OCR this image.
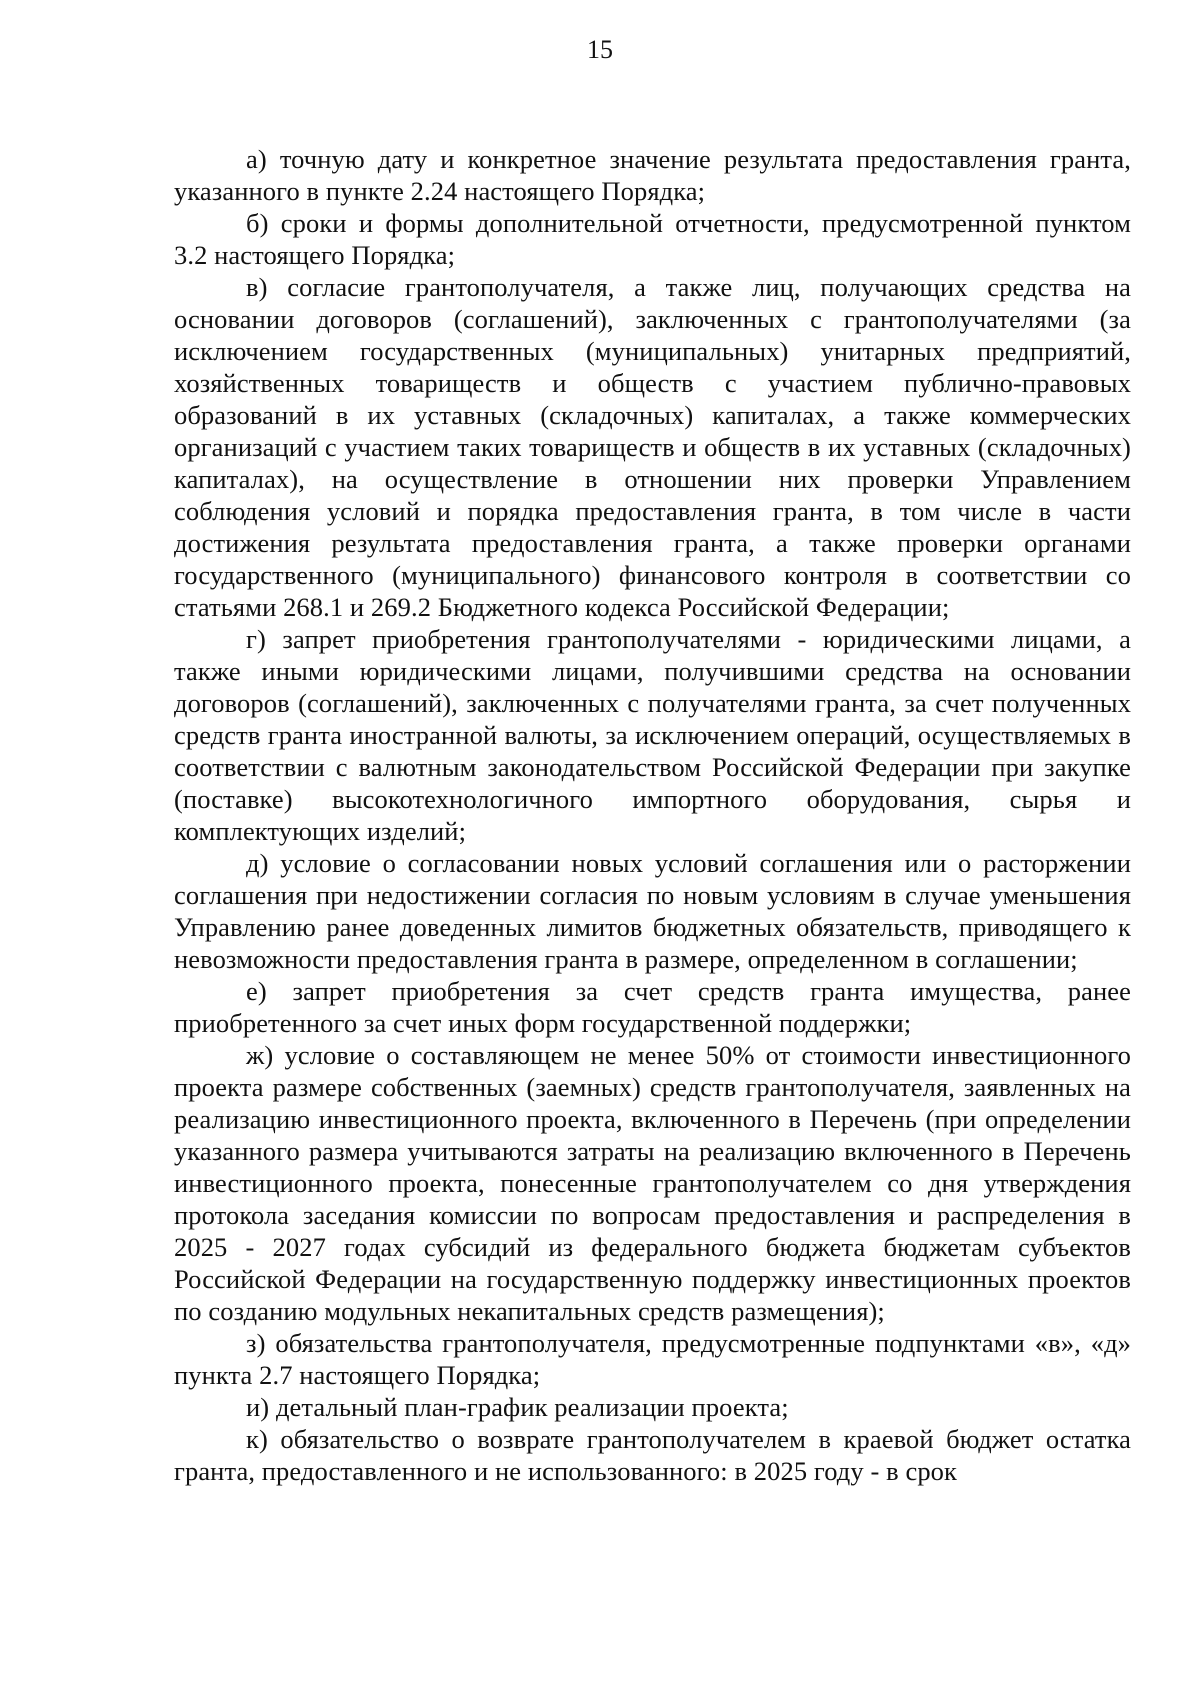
15

а) точную дату и конкретное значение результата предоставления гранта, указанного в пункте 2.24 настоящего Порядка;

б) сроки и формы дополнительной отчетности, предусмотренной пунктом 3.2 настоящего Порядка;

в) согласие грантополучателя, а также лиц, получающих средства на основании договоров (соглашений), заключенных с грантополучателями (за исключением государственных (муниципальных) унитарных предприятий, хозяйственных товариществ и обществ с участием публично-правовых образований в их уставных (складочных) капиталах, а также коммерческих организаций с участием таких товариществ и обществ в их уставных (складочных) капиталах), на осуществление в отношении них проверки Управлением соблюдения условий и порядка предоставления гранта, в том числе в части достижения результата предоставления гранта, а также проверки органами государственного (муниципального) финансового контроля в соответствии со статьями 268.1 и 269.2 Бюджетного кодекса Российской Федерации;

г) запрет приобретения грантополучателями - юридическими лицами, а также иными юридическими лицами, получившими средства на основании договоров (соглашений), заключенных с получателями гранта, за счет полученных средств гранта иностранной валюты, за исключением операций, осуществляемых в соответствии с валютным законодательством Российской Федерации при закупке (поставке) высокотехнологичного импортного оборудования, сырья и комплектующих изделий;

д) условие о согласовании новых условий соглашения или о расторжении соглашения при недостижении согласия по новым условиям в случае уменьшения Управлению ранее доведенных лимитов бюджетных обязательств, приводящего к невозможности предоставления гранта в размере, определенном в соглашении;

е) запрет приобретения за счет средств гранта имущества, ранее приобретенного за счет иных форм государственной поддержки;

ж) условие о составляющем не менее 50% от стоимости инвестиционного проекта размере собственных (заемных) средств грантополучателя, заявленных на реализацию инвестиционного проекта, включенного в Перечень (при определении указанного размера учитываются затраты на реализацию включенного в Перечень инвестиционного проекта, понесенные грантополучателем со дня утверждения протокола заседания комиссии по вопросам предоставления и распределения в 2025 - 2027 годах субсидий из федерального бюджета бюджетам субъектов Российской Федерации на государственную поддержку инвестиционных проектов по созданию модульных некапитальных средств размещения);

з) обязательства грантополучателя, предусмотренные подпунктами «в», «д» пункта 2.7 настоящего Порядка;

и) детальный план-график реализации проекта;

к) обязательство о возврате грантополучателем в краевой бюджет остатка гранта, предоставленного и не использованного: в 2025 году - в срок
